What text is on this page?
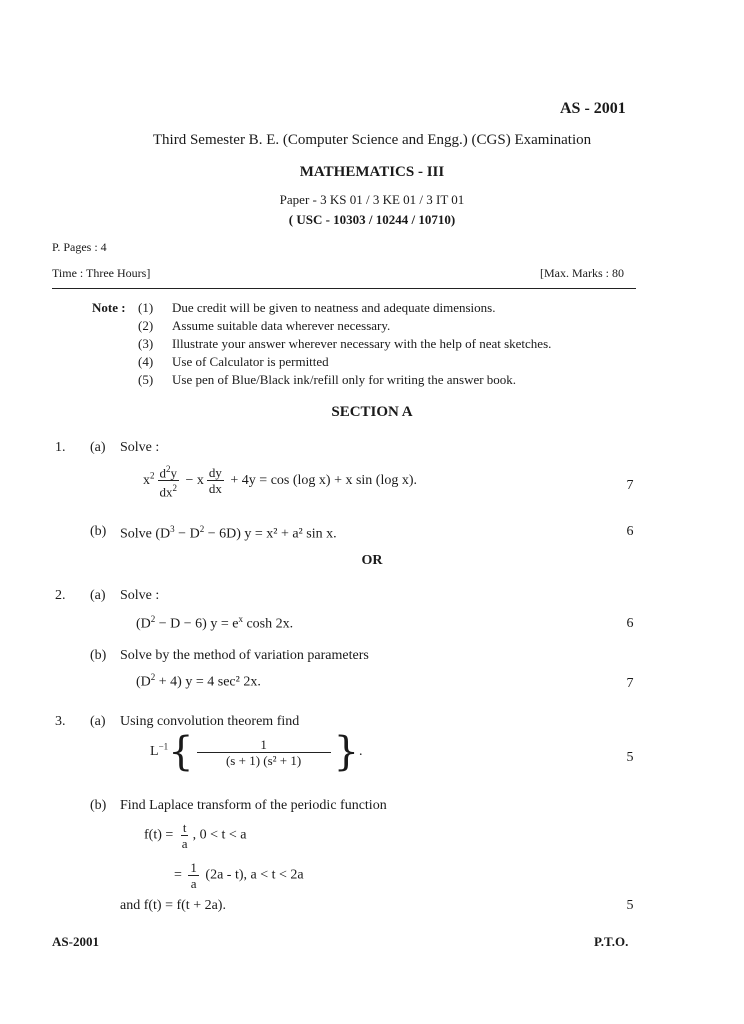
AS - 2001
Third Semester B. E. (Computer Science and Engg.) (CGS) Examination
MATHEMATICS - III
Paper - 3 KS 01 / 3 KE 01 / 3 IT 01
( USC - 10303 / 10244 / 10710)
P. Pages : 4
Time : Three Hours]	[Max. Marks : 80
Note : (1) Due credit will be given to neatness and adequate dimensions.
(2) Assume suitable data wherever necessary.
(3) Illustrate your answer wherever necessary with the help of neat sketches.
(4) Use of Calculator is permitted
(5) Use pen of Blue/Black ink/refill only for writing the answer book.
SECTION A
1. (a) Solve :
$x^2 \frac{d^2y}{dx^2} - x \frac{dy}{dx} + 4y = \cos (\log$ x) + x sin (log x).	7
(b) Solve $(D^3 - D^2 - 6D) y = x^2 + a^2$ sin x.	6
OR
2. (a) Solve :
$(D^2 - D - 6) y = e^x$ cosh 2x.	6
(b) Solve by the method of variation parameters
$(D^2 + 4) y = 4$ sec² 2x.	7
3. (a) Using convolution theorem find
$L^{-1}\{ \frac{1}{\text{(s + 1) (s² + 1)}}$ }.	5
(b) Find Laplace transform of the periodic function
$f(t) = \frac{t}{a}$ , 0 < t < a
= $\frac{1}{a} (2a - t)$, a < t < 2a
and f(t) = f(t + 2a).	5
AS-2001	P.T.O.
